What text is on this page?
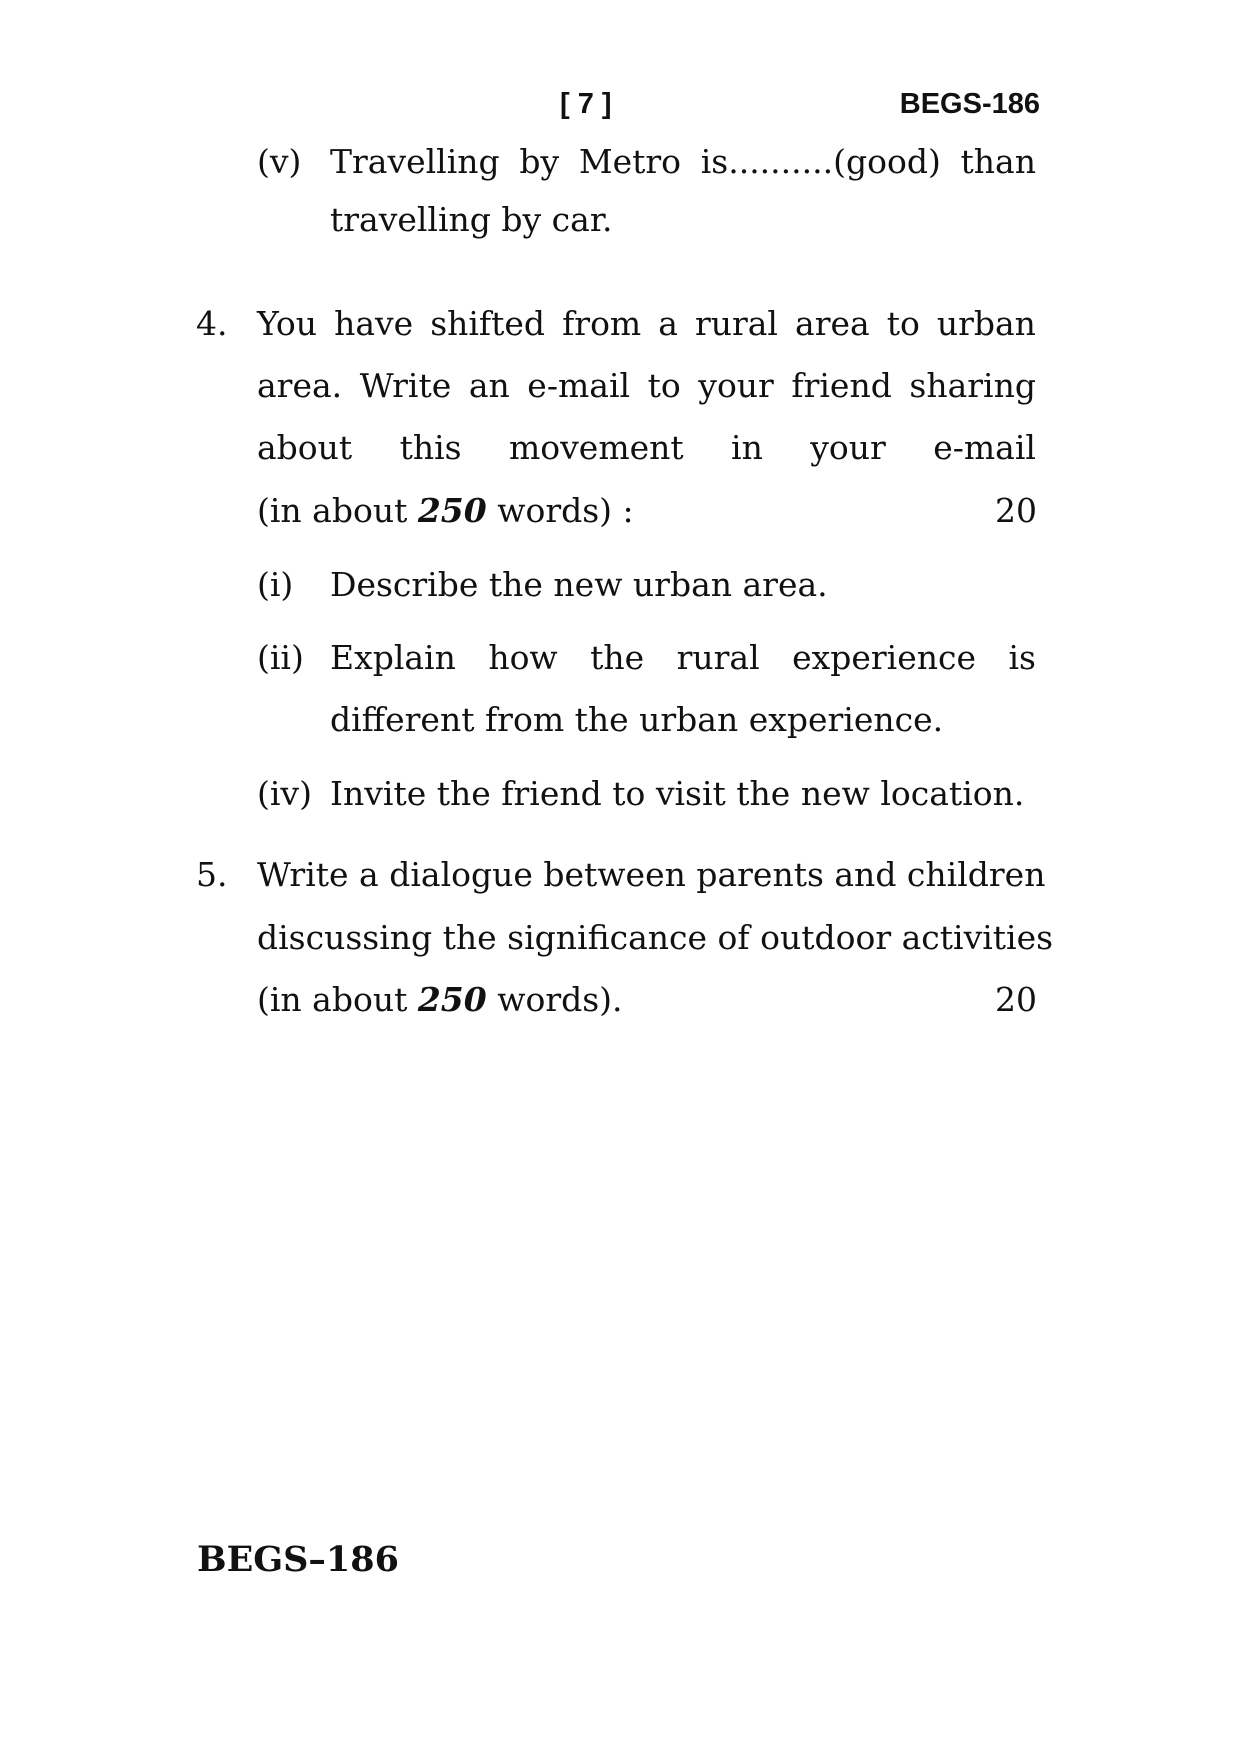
[ 7 ]	BEGS-186
(v) Travelling by Metro is..........(good) than
travelling by car.
4. You have shifted from a rural area to urban
area. Write an e-mail to your friend sharing
about this movement in your e-mail
(in about 250 words) :	20
(i) Describe the new urban area.
(ii) Explain how the rural experience is
different from the urban experience.
(iv) Invite the friend to visit the new location.
5. Write a dialogue between parents and children
discussing the significance of outdoor activities
(in about 250 words).	20
BEGS–186
